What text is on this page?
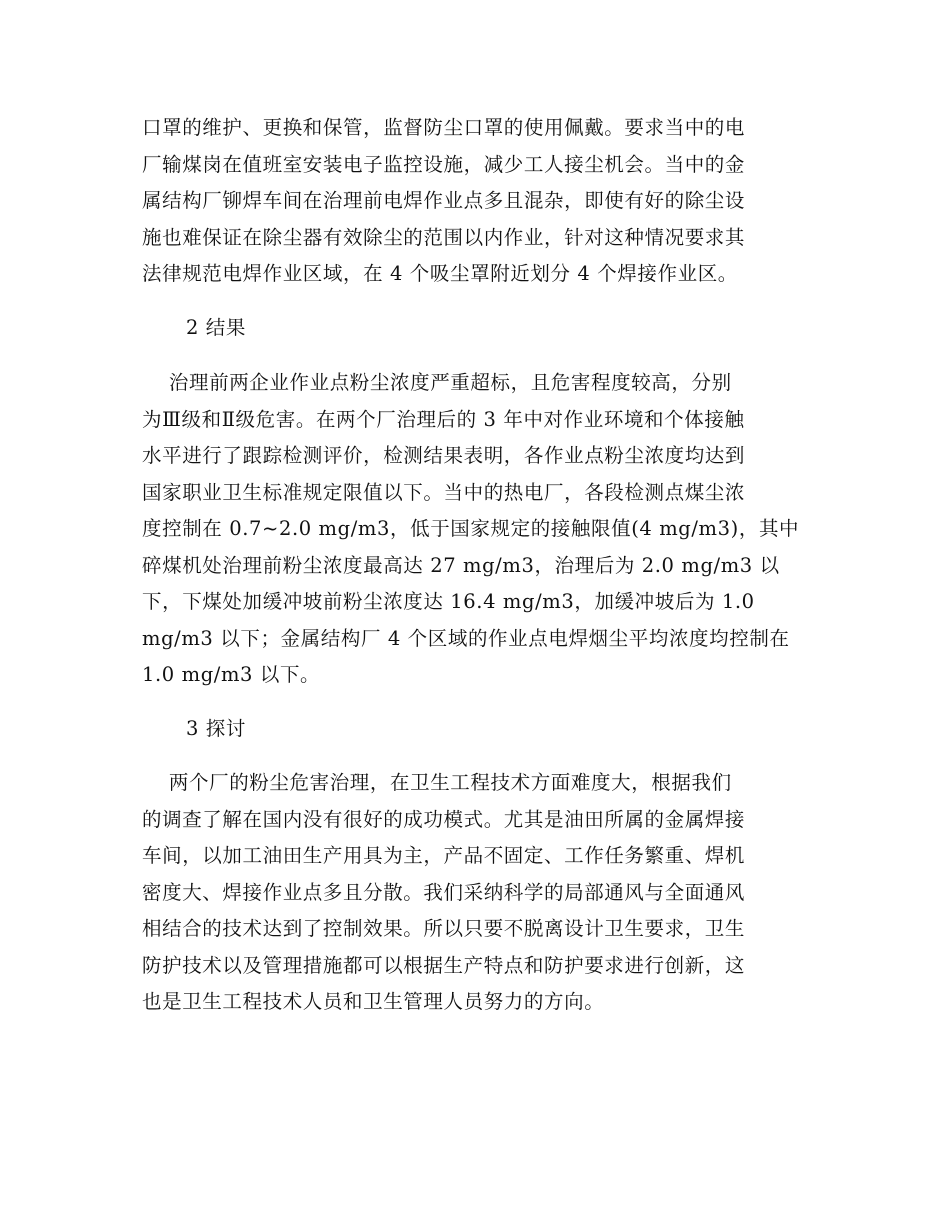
口罩的维护、更换和保管，监督防尘口罩的使用佩戴。要求当中的电
厂输煤岗在值班室安装电子监控设施，减少工人接尘机会。当中的金
属结构厂铆焊车间在治理前电焊作业点多且混杂，即使有好的除尘设
施也难保证在除尘器有效除尘的范围以内作业，针对这种情况要求其
法律规范电焊作业区域，在 4 个吸尘罩附近划分 4 个焊接作业区。
2 结果
　 治理前两企业作业点粉尘浓度严重超标，且危害程度较高，分别
为Ⅲ级和Ⅱ级危害。在两个厂治理后的 3 年中对作业环境和个体接触
水平进行了跟踪检测评价，检测结果表明，各作业点粉尘浓度均达到
国家职业卫生标准规定限值以下。当中的热电厂，各段检测点煤尘浓
度控制在 0.7~2.0 mg/m3，低于国家规定的接触限值(4 mg/m3)，其中
碎煤机处治理前粉尘浓度最高达 27 mg/m3，治理后为 2.0 mg/m3 以
下，下煤处加缓冲坡前粉尘浓度达 16.4 mg/m3，加缓冲坡后为 1.0
mg/m3 以下；金属结构厂 4 个区域的作业点电焊烟尘平均浓度均控制在
1.0 mg/m3 以下。
3 探讨
　 两个厂的粉尘危害治理，在卫生工程技术方面难度大，根据我们
的调查了解在国内没有很好的成功模式。尤其是油田所属的金属焊接
车间，以加工油田生产用具为主，产品不固定、工作任务繁重、焊机
密度大、焊接作业点多且分散。我们采纳科学的局部通风与全面通风
相结合的技术达到了控制效果。所以只要不脱离设计卫生要求，卫生
防护技术以及管理措施都可以根据生产特点和防护要求进行创新，这
也是卫生工程技术人员和卫生管理人员努力的方向。
